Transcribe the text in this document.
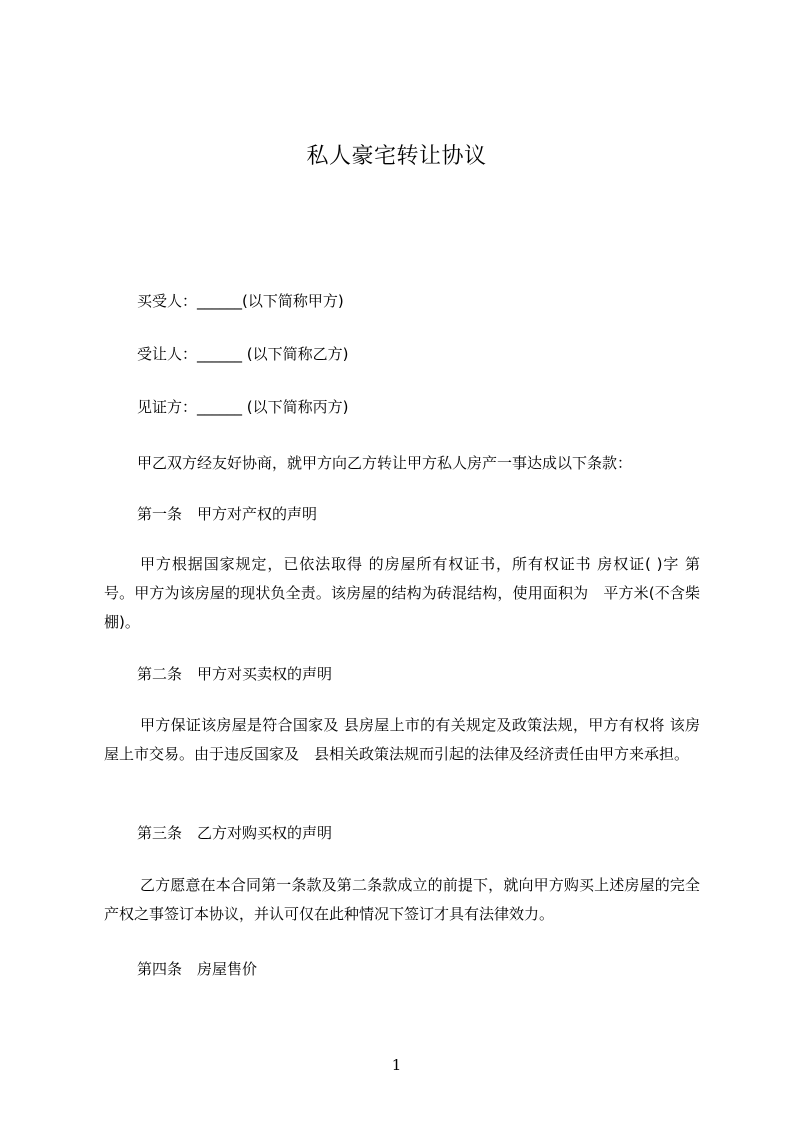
私人豪宅转让协议
买受人：______(以下简称甲方)
受让人：______ (以下简称乙方)
见证方：______ (以下简称丙方)
甲乙双方经友好协商，就甲方向乙方转让甲方私人房产一事达成以下条款：
第一条　甲方对产权的声明
甲方根据国家规定，已依法取得 的房屋所有权证书，所有权证书 房权证( )字 第 号。甲方为该房屋的现状负全责。该房屋的结构为砖混结构，使用面积为　平方米(不含柴棚)。
第二条　甲方对买卖权的声明
甲方保证该房屋是符合国家及 县房屋上市的有关规定及政策法规，甲方有权将 该房屋上市交易。由于违反国家及　县相关政策法规而引起的法律及经济责任由甲方来承担。
第三条　乙方对购买权的声明
乙方愿意在本合同第一条款及第二条款成立的前提下，就向甲方购买上述房屋的完全产权之事签订本协议，并认可仅在此种情况下签订才具有法律效力。
第四条　房屋售价
1
